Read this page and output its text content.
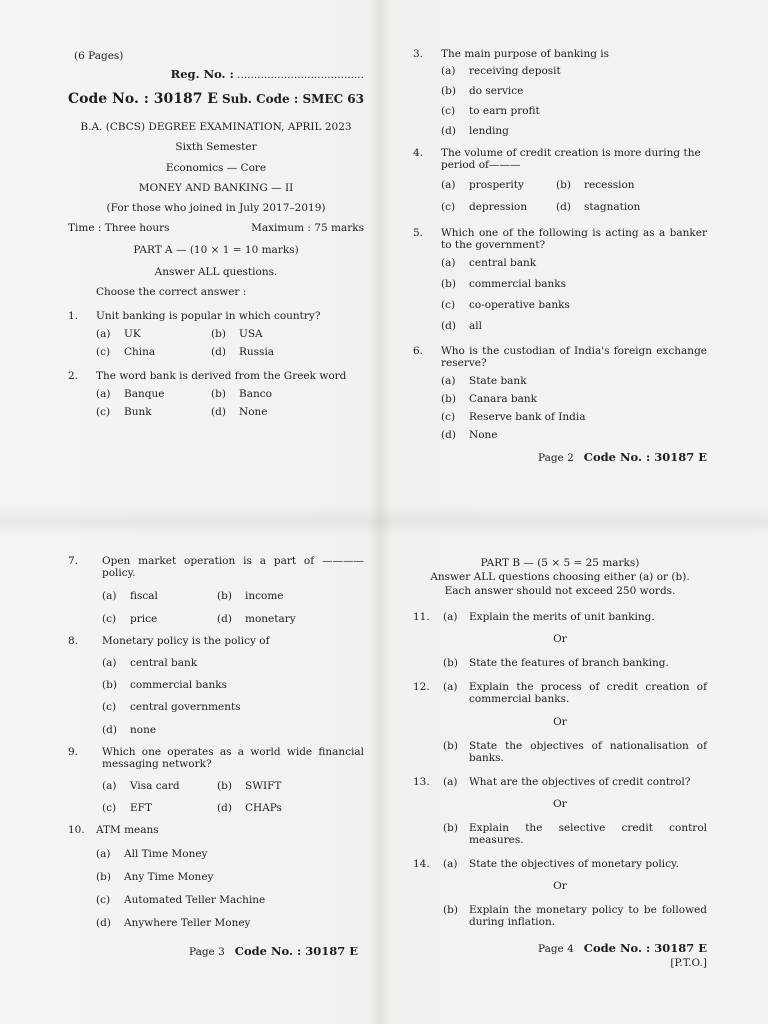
(6 Pages)
Reg. No. : ......................................
Code No. : 30187 E Sub. Code : SMEC 63
B.A. (CBCS) DEGREE EXAMINATION, APRIL 2023
Sixth Semester
Economics — Core
MONEY AND BANKING — II
(For those who joined in July 2017–2019)
Time : Three hours	Maximum : 75 marks
PART A — (10 × 1 = 10 marks)
Answer ALL questions.
Choose the correct answer :
1.	Unit banking is popular in which country?
(a)	UK	(b)	USA
(c)	China	(d)	Russia
2.	The word bank is derived from the Greek word
(a)	Banque	(b)	Banco
(c)	Bunk	(d)	None
3.	The main purpose of banking is
(a)	receiving deposit
(b)	do service
(c)	to earn profit
(d)	lending
4.	The volume of credit creation is more during the period of———
(a)	prosperity	(b)	recession
(c)	depression	(d)	stagnation
5.	Which one of the following is acting as a banker to the government?
(a)	central bank
(b)	commercial banks
(c)	co-operative banks
(d)	all
6.	Who is the custodian of India's foreign exchange reserve?
(a)	State bank
(b)	Canara bank
(c)	Reserve bank of India
(d)	None
Page 2 Code No. : 30187 E
7.	Open market operation is a part of ———— policy.
(a)	fiscal	(b)	income
(c)	price	(d)	monetary
8.	Monetary policy is the policy of
(a)	central bank
(b)	commercial banks
(c)	central governments
(d)	none
9.	Which one operates as a world wide financial messaging network?
(a)	Visa card	(b)	SWIFT
(c)	EFT	(d)	CHAPs
10.	ATM means
(a)	All Time Money
(b)	Any Time Money
(c)	Automated Teller Machine
(d)	Anywhere Teller Money
Page 3 Code No. : 30187 E
PART B — (5 × 5 = 25 marks)
Answer ALL questions choosing either (a) or (b).
Each answer should not exceed 250 words.
11.	(a)	Explain the merits of unit banking.
Or
(b)	State the features of branch banking.
12.	(a)	Explain the process of credit creation of commercial banks.
Or
(b)	State the objectives of nationalisation of banks.
13.	(a)	What are the objectives of credit control?
Or
(b)	Explain the selective credit control measures.
14.	(a)	State the objectives of monetary policy.
Or
(b)	Explain the monetary policy to be followed during inflation.
Page 4 Code No. : 30187 E
[P.T.O.]
